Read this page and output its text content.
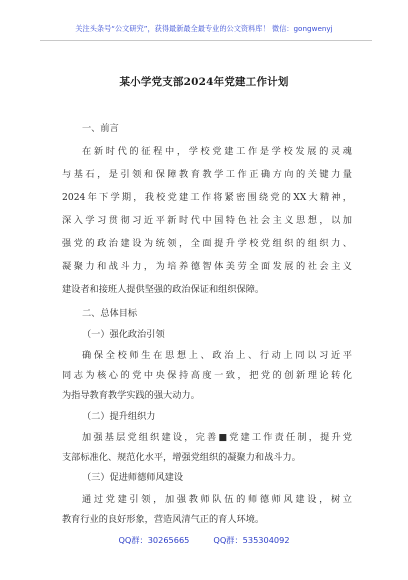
关注头条号“公文研究”，获得最新最全最专业的公文资料库！ 微信：gongwenyj
某小学党支部2024年党建工作计划
一、前言
在新时代的征程中，学校党建工作是学校发展的灵魂
与基石，是引领和保障教育教学工作正确方向的关键力量
2024年下学期，我校党建工作将紧密围绕党的XX大精神，
深入学习贯彻习近平新时代中国特色社会主义思想，以加
强党的政治建设为统领，全面提升学校党组织的组织力、
凝聚力和战斗力，为培养德智体美劳全面发展的社会主义
建设者和接班人提供坚强的政治保证和组织保障。
二、总体目标
（一）强化政治引领
确保全校师生在思想上、政治上、行动上同以习近平
同志为核心的党中央保持高度一致，把党的创新理论转化
为指导教育教学实践的强大动力。
（二）提升组织力
加强基层党组织建设，完善■党建工作责任制，提升党
支部标准化、规范化水平，增强党组织的凝聚力和战斗力。
（三）促进师德师风建设
通过党建引领，加强教师队伍的师德师风建设，树立
QQ群：30265665	QQ群：535304092
教育行业的良好形象，营造风清气正的育人环境。
